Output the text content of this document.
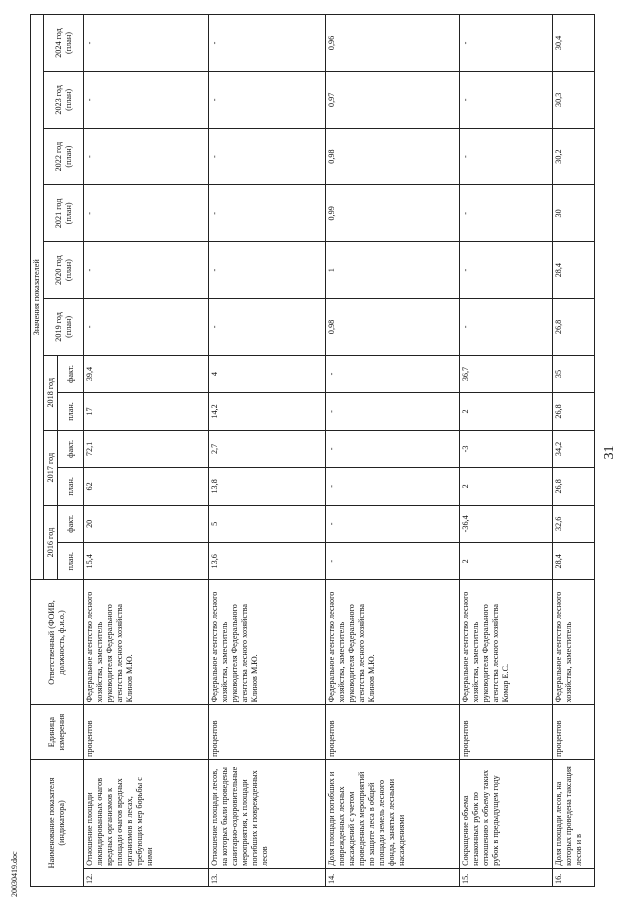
31
20030419.doc
Наименование показателя (индикатора)		Единица измерения	Ответственный (ФОИВ, должность, ф.и.о.)	Значения показателей											
				2016 год		2017 год		2018 год		2019 год (план)	2020 год (план)	2021 год (план)	2022 год (план)	2023 год (план)	2024 год (план)
				план.	факт.	план.	факт.	план.	факт.						
12.	Отношение площади ликвидированных очагов вредных организмов к площади очагов вредных организмов в лесах, требующих мер борьбы с ними	процентов	Федеральное агентство лесного хозяйства, заместитель руководителя Федерального агентства лесного хозяйства Клинов М.Ю.	15,4	20	62	72,1	17	39,4	-	-	-	-	-	-
13.	Отношение площади лесов, на которых были проведены санитарно-оздоровительные мероприятия, к площади погибших и поврежденных лесов	процентов	Федеральное агентство лесного хозяйства, заместитель руководителя Федерального агентства лесного хозяйства Клинов М.Ю.	13,6	5	13,8	2,7	14,2	4	-	-	-	-	-	-
14.	Доля площади погибших и поврежденных лесных насаждений с учетом проведенных мероприятий по защите леса в общей площади земель лесного фонда, занятых лесными насаждениями	процентов	Федеральное агентство лесного хозяйства, заместитель руководителя Федерального агентства лесного хозяйства Клинов М.Ю.	-	-	-	-	-	-	0,98	1	0,99	0,98	0,97	0,96
15.	Сокращение объема незаконных рубок по отношению к объему таких рубок в предыдущем году	процентов	Федеральное агентство лесного хозяйства, заместитель руководителя Федерального агентства лесного хозяйства Комар Е.С.	2	-36,4	2	-3	2	36,7	-	-	-	-	-	-
16.	Доля площади лесов, на которых проведена таксация лесов и в	процентов	Федеральное агентство лесного хозяйства, заместитель	28,4	32,6	26,8	34,2	26,8	35	26,8	28,4	30	30,2	30,3	30,4
